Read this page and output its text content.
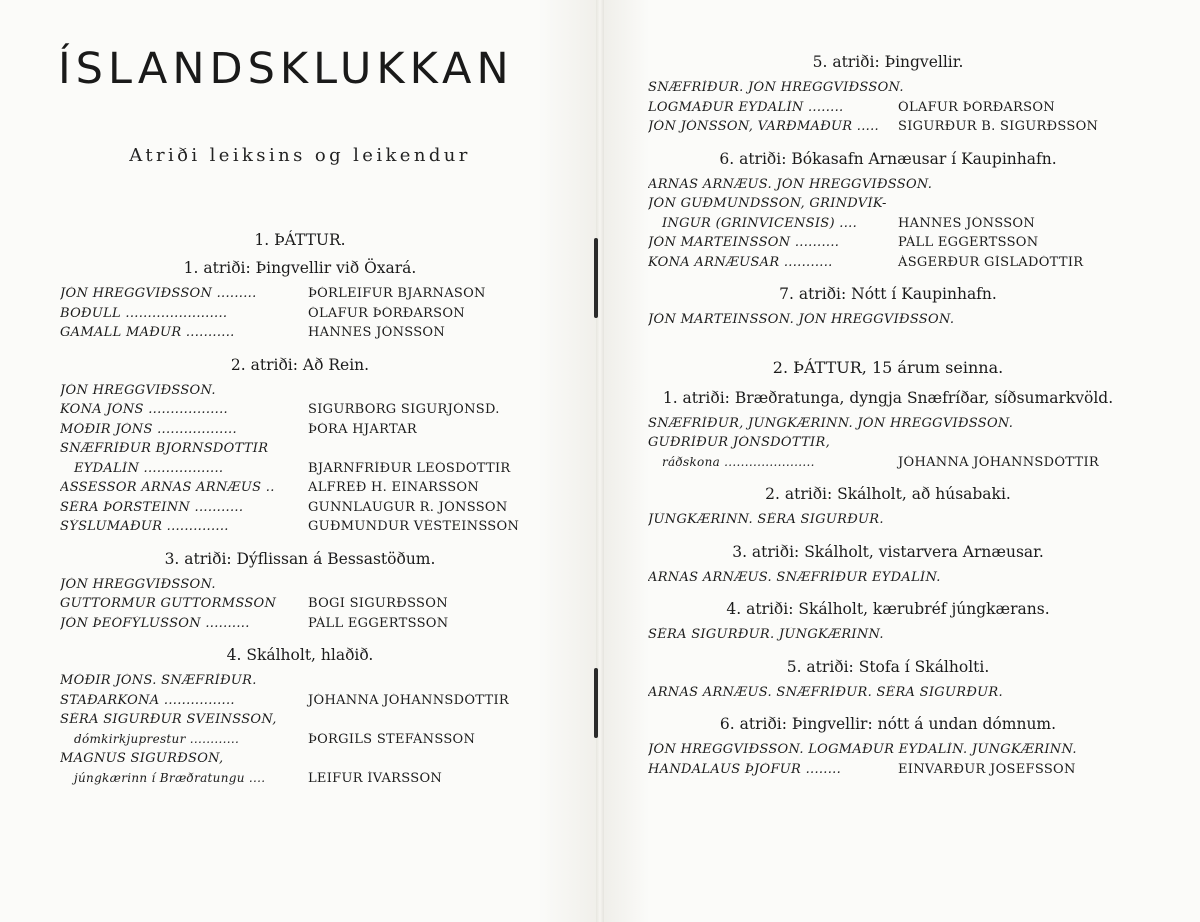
ÍSLANDSKLUKKAN
Atriði leiksins og leikendur
1. ÞÁTTUR.
1. atriði: Þingvellir við Öxará.
JÓN HREGGVIÐSSON .........	ÞÓRLEIFUR BJARNASON
BÖÐULL .......................	ÓLAFUR ÞÓRÐARSON
GAMALL MAÐUR ...........	HANNES JÓNSSON
2. atriði: Að Rein.
JÓN HREGGVIÐSSON.
KONA JÓNS ..................	SIGURBORG SIGURJÓNSD.
MÓÐIR JÓNS ..................	ÞÓRA HJARTAR
SNÆFRÍÐUR BJÖRNSDÓTTIR
EYDALÍN ..................	BJARNFRÍÐUR LEÓSDÓTTIR
ASSESSOR ARNAS ARNÆUS ..	ALFREÐ H. EINARSSON
SÉRA ÞORSTEINN ...........	GUNNLAUGUR R. JÓNSSON
SÝSLUMAÐUR ..............	GUÐMUNDUR VÉSTEINSSON
3. atriði: Dýflissan á Bessastöðum.
JÓN HREGGVIÐSSON.
GUTTORMUR GUTTORMSSON	BOGI SIGURÐSSON
JÓN ÞEÓFÝLUSSON ..........	PÁLL EGGERTSSON
4. Skálholt, hlaðið.
MÓÐIR JÓNS. SNÆFRÍÐUR.
STAÐARKONA ................	JÓHANNA JÓHANNSDÓTTIR
SÉRA SIGURÐUR SVEINSSON,
dómkirkjuprestur ............	ÞORGILS STEFÁNSSON
MAGNÚS SIGURÐSON,
júngkærinn í Bræðratungu ....	LEIFUR ÍVARSSON
5. atriði: Þingvellir.
SNÆFRÍÐUR. JÓN HREGGVIÐSSON.
LÖGMAÐUR EYDALÍN ........	ÓLAFUR ÞÓRÐARSON
JÓN JÓNSSON, VARÐMAÐUR .....	SIGURÐUR B. SIGURÐSSON
6. atriði: Bókasafn Arnæusar í Kaupinhafn.
ARNAS ARNÆUS. JÓN HREGGVIÐSSON.
JÓN GUÐMUNDSSON, GRINDVÍK-
INGUR (GRINVICENSIS) ....	HANNES JÓNSSON
JÓN MARTEINSSON ..........	PÁLL EGGERTSSON
KONA ARNÆUSAR ...........	ÁSGERÐUR GÍSLADÓTTIR
7. atriði: Nótt í Kaupinhafn.
JÓN MARTEINSSON. JÓN HREGGVIÐSSON.
2. ÞÁTTUR, 15 árum seinna.
1. atriði: Bræðratunga, dyngja Snæfríðar, síðsumarkvöld.
SNÆFRÍÐUR, JÚNGKÆRINN. JÓN HREGGVIÐSSON.
GUÐRÍÐUR JÓNSDÓTTIR,
ráðskona ......................	JÓHANNA JÓHANNSDÓTTIR
2. atriði: Skálholt, að húsabaki.
JÚNGKÆRINN. SÉRA SIGURÐUR.
3. atriði: Skálholt, vistarvera Arnæusar.
ARNAS ARNÆUS. SNÆFRÍÐUR EYDALÍN.
4. atriði: Skálholt, kærubréf júngkærans.
SÉRA SIGURÐUR. JÚNGKÆRINN.
5. atriði: Stofa í Skálholti.
ARNAS ARNÆUS. SNÆFRÍÐUR. SÉRA SIGURÐUR.
6. atriði: Þingvellir: nótt á undan dómnum.
JÓN HREGGVIÐSSON. LÖGMAÐUR EYDALÍN. JÚNGKÆRINN.
HANDALAUS ÞJÓFUR ........	EINVARÐUR JÓSEFSSON
